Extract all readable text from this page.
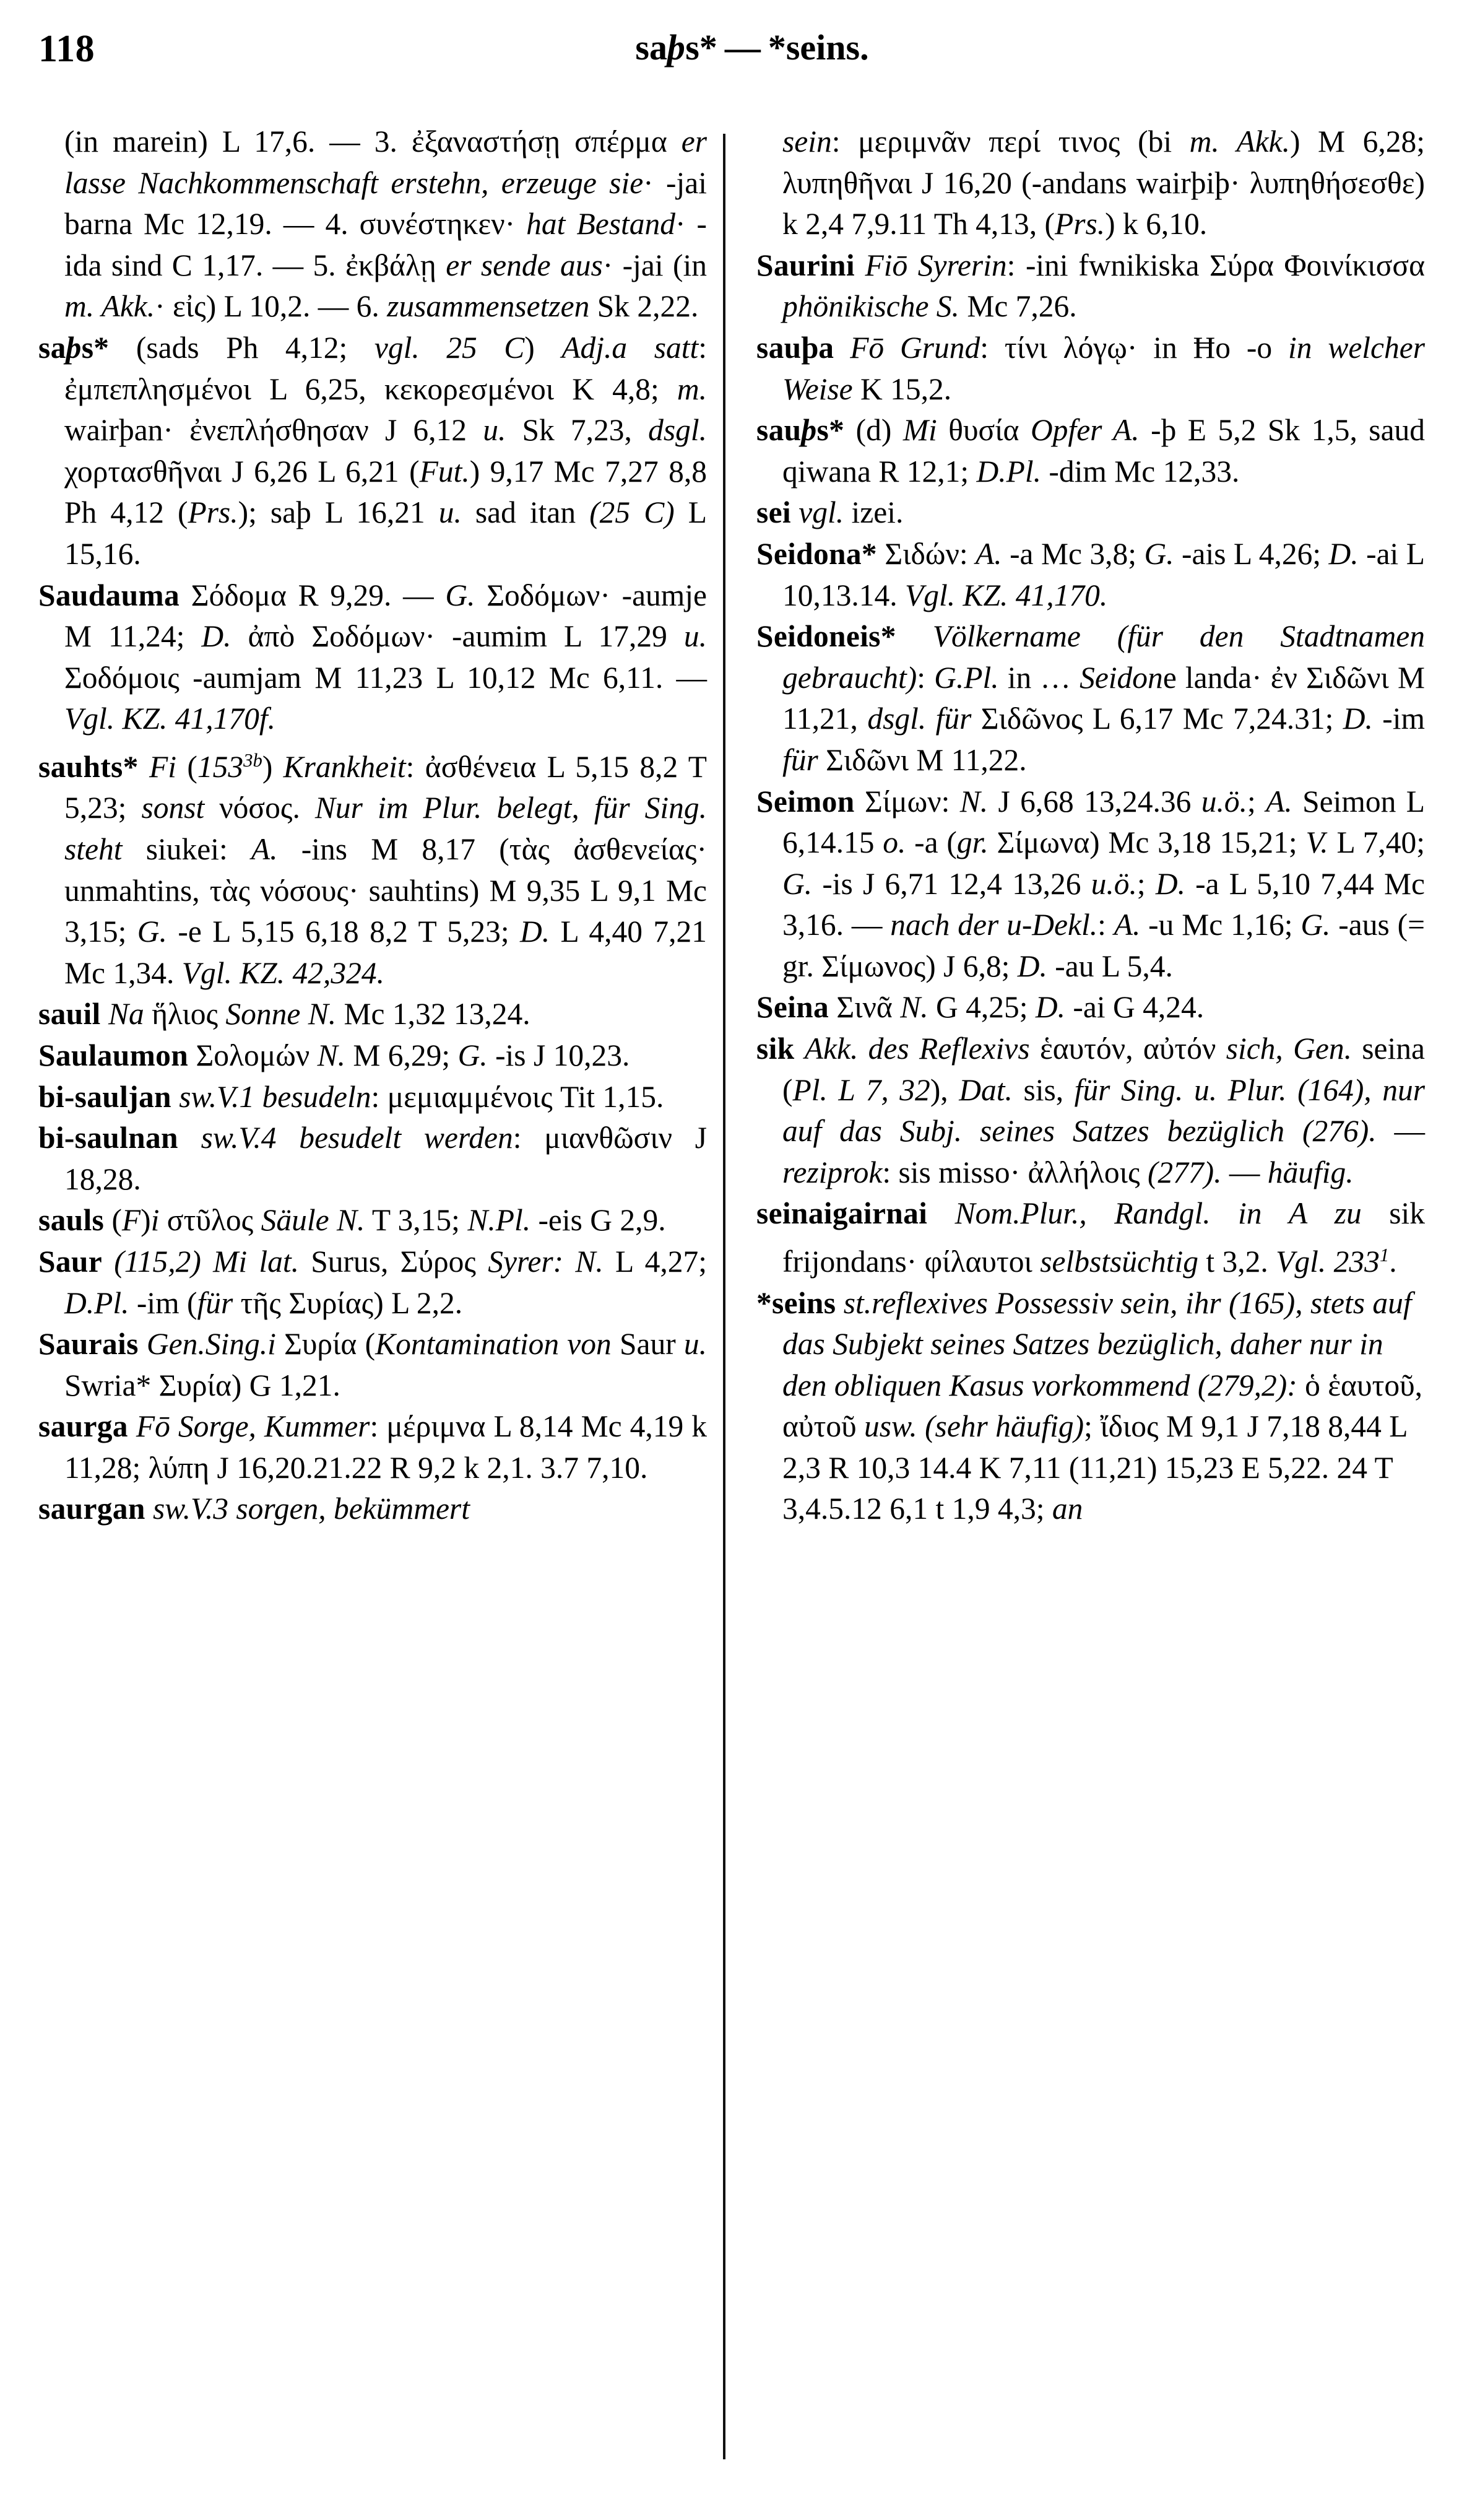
118	saþs* — *seins.

(in marein) L 17,6. — 3. ἐξαναστήσῃ σπέρμα er lasse Nachkommenschaft erstehn, erzeuge sie· -jai barna Mc 12,19. — 4. συνέστηκεν· hat Bestand· -ida sind C 1,17. — 5. ἐκβάλῃ er sende aus· -jai (in m. Akk.· εἰς) L 10,2. — 6. zusammensetzen Sk 2,22.

saþs* (sads Ph 4,12; vgl. 25 C) Adj.a satt: ἐμπεπλησμένοι L 6,25, κεκορεσμένοι K 4,8; m. wairþan· ἐνεπλήσθησαν J 6,12 u. Sk 7,23, dsgl. χορτασθῆναι J 6,26 L 6,21 (Fut.) 9,17 Mc 7,27 8,8 Ph 4,12 (Prs.); saþ L 16,21 u. sad itan (25 C) L 15,16.

Saudauma Σόδομα R 9,29. — G. Σοδόμων· -aumje M 11,24; D. ἀπὸ Σοδόμων· -aumim L 17,29 u. Σοδόμοις -aumjam M 11,23 L 10,12 Mc 6,11. — Vgl. KZ. 41,170f.

sauhts* Fi $(153^{3b})$ Krankheit: ἀσθένεια L 5,15 8,2 T 5,23; sonst νόσος. Nur im Plur. belegt, für Sing. steht siukei: A. -ins M 8,17 (τὰς ἀσθενείας· unmahtins, τὰς νόσους· sauhtins) M 9,35 L 9,1 Mc 3,15; G. -e L 5,15 6,18 8,2 T 5,23; D. L 4,40 7,21 Mc 1,34. Vgl. KZ. 42,324.

sauil Na ἥλιος Sonne N. Mc 1,32 13,24.

Saulaumon Σολομών N. M 6,29; G. -is J 10,23.

bi-sauljan sw.V.1 besudeln: μεμιαμμένοις Tit 1,15.

bi-saulnan sw.V.4 besudelt werden: μιανθῶσιν J 18,28.

sauls (F)i στῦλος Säule N. T 3,15; N.Pl. -eis G 2,9.

Saur (115,2) Mi lat. Surus, Σύρος Syrer: N. L 4,27; D.Pl. -im (für τῆς Συρίας) L 2,2.

Saurais Gen.Sing.i Συρία (Kontamination von Saur u. Swria* Συρία) G 1,21.

saurga Fō Sorge, Kummer: μέριμνα L 8,14 Mc 4,19 k 11,28; λύπη J 16,20.21.22 R 9,2 k 2,1. 3.7 7,10.

saurgan sw.V.3 sorgen, bekümmert

sein: μεριμνᾶν περί τινος (bi m. Akk.) M 6,28; λυπηθῆναι J 16,20 (-andans wairþiþ· λυπηθήσεσθε) k 2,4 7,9.11 Th 4,13, (Prs.) k 6,10.

Saurini Fiō Syrerin: -ini fwnikiska Σύρα Φοινίκισσα phönikische S. Mc 7,26.

sauþa Fō Grund: τίνι λόγῳ· in Ħo -o in welcher Weise K 15,2.

sauþs* (d) Mi θυσία Opfer A. -þ E 5,2 Sk 1,5, saud qiwana R 12,1; D.Pl. -dim Mc 12,33.

sei vgl. izei.

Seidona* Σιδών: A. -a Mc 3,8; G. -ais L 4,26; D. -ai L 10,13.14. Vgl. KZ. 41,170.

Seidoneis* Völkername (für den Stadtnamen gebraucht): G.Pl. in … Seidone landa· ἐν Σιδῶνι M 11,21, dsgl. für Σιδῶνος L 6,17 Mc 7,24.31; D. -im für Σιδῶνι M 11,22.

Seimon Σίμων: N. J 6,68 13,24.36 u.ö.; A. Seimon L 6,14.15 o. -a (gr. Σίμωνα) Mc 3,18 15,21; V. L 7,40; G. -is J 6,71 12,4 13,26 u.ö.; D. -a L 5,10 7,44 Mc 3,16. — nach der u-Dekl.: A. -u Mc 1,16; G. -aus (= gr. Σίμωνος) J 6,8; D. -au L 5,4.

Seina Σινᾶ N. G 4,25; D. -ai G 4,24.

sik Akk. des Reflexivs ἑαυτόν, αὐτόν sich, Gen. seina (Pl. L 7, 32), Dat. sis, für Sing. u. Plur. (164), nur auf das Subj. seines Satzes bezüglich (276). — reziprok: sis misso· ἀλλήλοις (277). — häufig.

seinaigairnai Nom.Plur., Randgl. in A zu sik frijondans· φίλαυτοι selbstsüchtig t 3,2. Vgl. $233^1$.

*seins st.reflexives Possessiv sein, ihr (165), stets auf das Subjekt seines Satzes bezüglich, daher nur in den obliquen Kasus vorkommend (279,2): ὁ ἑαυτοῦ, αὐτοῦ usw. (sehr häufig); ἴδιος M 9,1 J 7,18 8,44 L 2,3 R 10,3 14.4 K 7,11 (11,21) 15,23 E 5,22. 24 T 3,4.5.12 6,1 t 1,9 4,3; an
